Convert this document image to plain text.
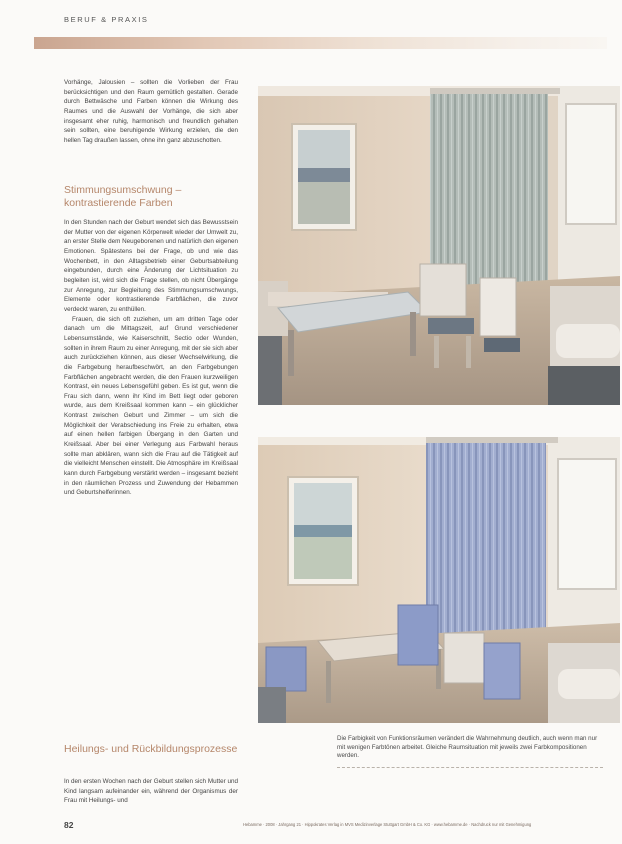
BERUF & PRAXIS

Vorhänge, Jalousien – sollten die Vorlieben der Frau berücksichtigen und den Raum gemütlich gestalten. Gerade durch Bettwäsche und Farben können die Wirkung des Raumes und die Auswahl der Vorhänge, die sich aber insgesamt eher ruhig, harmonisch und freundlich gehalten sein sollten, eine beruhigende Wirkung erzielen, die den hellen Tag draußen lassen, ohne ihn ganz abzuschotten.

Stimmungsumschwung – kontrastierende Farben

In den Stunden nach der Geburt wendet sich das Bewusstsein der Mutter von der eigenen Körperwelt wieder der Umwelt zu, an erster Stelle dem Neugeborenen und natürlich den eigenen Emotionen. Spätestens bei der Frage, ob und wie das Wochenbett, in den Alltagsbetrieb einer Geburtsabteilung eingebunden, durch eine Änderung der Lichtsituation zu begleiten ist, wird sich die Frage stellen, ob nicht Übergänge zur Anregung, zur Begleitung des Stimmungsumschwungs, Elemente oder kontrastierende Farbflächen, die zuvor verdeckt waren, zu enthüllen.

Frauen, die sich oft zuziehen, um am dritten Tage oder danach um die Mittagszeit, auf Grund verschiedener Lebensumstände, wie Kaiserschnitt, Sectio oder Wunden, sollten in ihrem Raum zu einer Anregung, mit der sie sich aber auch zurückziehen können, aus dieser Wechselwirkung, die die Farbgebung heraufbeschwört, an den Farbgebungen Farbflächen angebracht werden, die den Frauen kurzweiligen Kontrast, ein neues Lebensgefühl geben. Es ist gut, wenn die Frau sich dann, wenn ihr Kind im Bett liegt oder geboren wurde, aus dem Kreißsaal kommen kann – ein glücklicher Kontrast zwischen Geburt und Zimmer – um sich die Möglichkeit der Verabschiedung ins Freie zu erhalten, etwa auf einen hellen farbigen Übergang in den Garten und Kreißsaal. Aber bei einer Verlegung aus Farbwahl heraus sollte man abklären, wann sich die Frau auf die Tätigkeit auf die vielleicht Menschen einstellt. Die Atmosphäre im Kreißsaal kann durch Farbgebung verstärkt werden – insgesamt bezieht in den räumlichen Prozess und Zuwendung der Hebammen und Geburtshelferinnen.

Heilungs- und Rückbildungsprozesse

In den ersten Wochen nach der Geburt stellen sich Mutter und Kind langsam aufeinander ein, während der Organismus der Frau mit Heilungs- und

Die Farbigkeit von Funktionsräumen verändert die Wahrnehmung deutlich, auch wenn man nur mit wenigen Farbtönen arbeitet. Gleiche Raumsituation mit jeweils zwei Farbkompositionen werden.
82	Hebamme · 2008 · Jahrgang 21 · Hippokrates Verlag in MVS Medizinverlage Stuttgart GmbH & Co. KG · www.hebamme.de · Nachdruck nur mit Genehmigung
